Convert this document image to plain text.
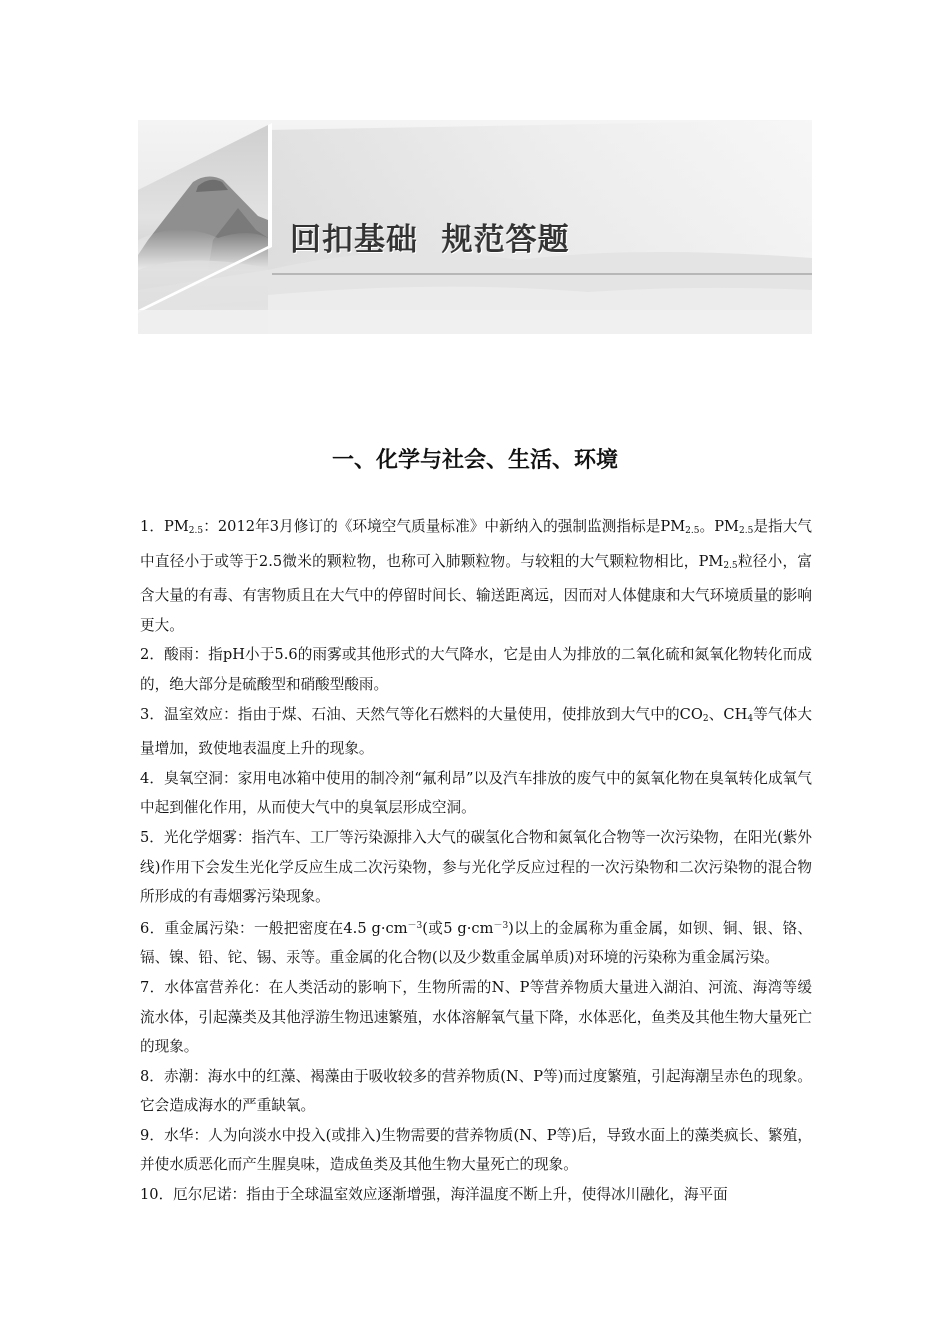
回扣基础  规范答题
一、化学与社会、生活、环境

1．$PM_{2.5}$：2012年3月修订的《环境空气质量标准》中新纳入的强制监测指标是$PM_{2.5}$。$PM_{2.5}$是指大气中直径小于或等于2.5微米的颗粒物，也称可入肺颗粒物。与较粗的大气颗粒物相比，$PM_{2.5}$粒径小，富含大量的有毒、有害物质且在大气中的停留时间长、输送距离远，因而对人体健康和大气环境质量的影响更大。

2．酸雨：指pH小于5.6的雨雾或其他形式的大气降水，它是由人为排放的二氧化硫和氮氧化物转化而成的，绝大部分是硫酸型和硝酸型酸雨。

3．温室效应：指由于煤、石油、天然气等化石燃料的大量使用，使排放到大气中的$CO_2$、$CH_4$等气体大量增加，致使地表温度上升的现象。

4．臭氧空洞：家用电冰箱中使用的制冷剂“氟利昂”以及汽车排放的废气中的氮氧化物在臭氧转化成氧气中起到催化作用，从而使大气中的臭氧层形成空洞。

5．光化学烟雾：指汽车、工厂等污染源排入大气的碳氢化合物和氮氧化合物等一次污染物，在阳光(紫外线)作用下会发生光化学反应生成二次污染物，参与光化学反应过程的一次污染物和二次污染物的混合物所形成的有毒烟雾污染现象。

6．重金属污染：一般把密度在4.5 $g\cdot cm^{-3}$(或5 $g\cdot cm^{-3}$)以上的金属称为重金属，如钡、铜、银、铬、镉、镍、铅、铊、锡、汞等。重金属的化合物(以及少数重金属单质)对环境的污染称为重金属污染。

7．水体富营养化：在人类活动的影响下，生物所需的N、P等营养物质大量进入湖泊、河流、海湾等缓流水体，引起藻类及其他浮游生物迅速繁殖，水体溶解氧气量下降，水体恶化，鱼类及其他生物大量死亡的现象。

8．赤潮：海水中的红藻、褐藻由于吸收较多的营养物质(N、P等)而过度繁殖，引起海潮呈赤色的现象。它会造成海水的严重缺氧。

9．水华：人为向淡水中投入(或排入)生物需要的营养物质(N、P等)后，导致水面上的藻类疯长、繁殖，并使水质恶化而产生腥臭味，造成鱼类及其他生物大量死亡的现象。

10．厄尔尼诺：指由于全球温室效应逐渐增强，海洋温度不断上升，使得冰川融化，海平面
